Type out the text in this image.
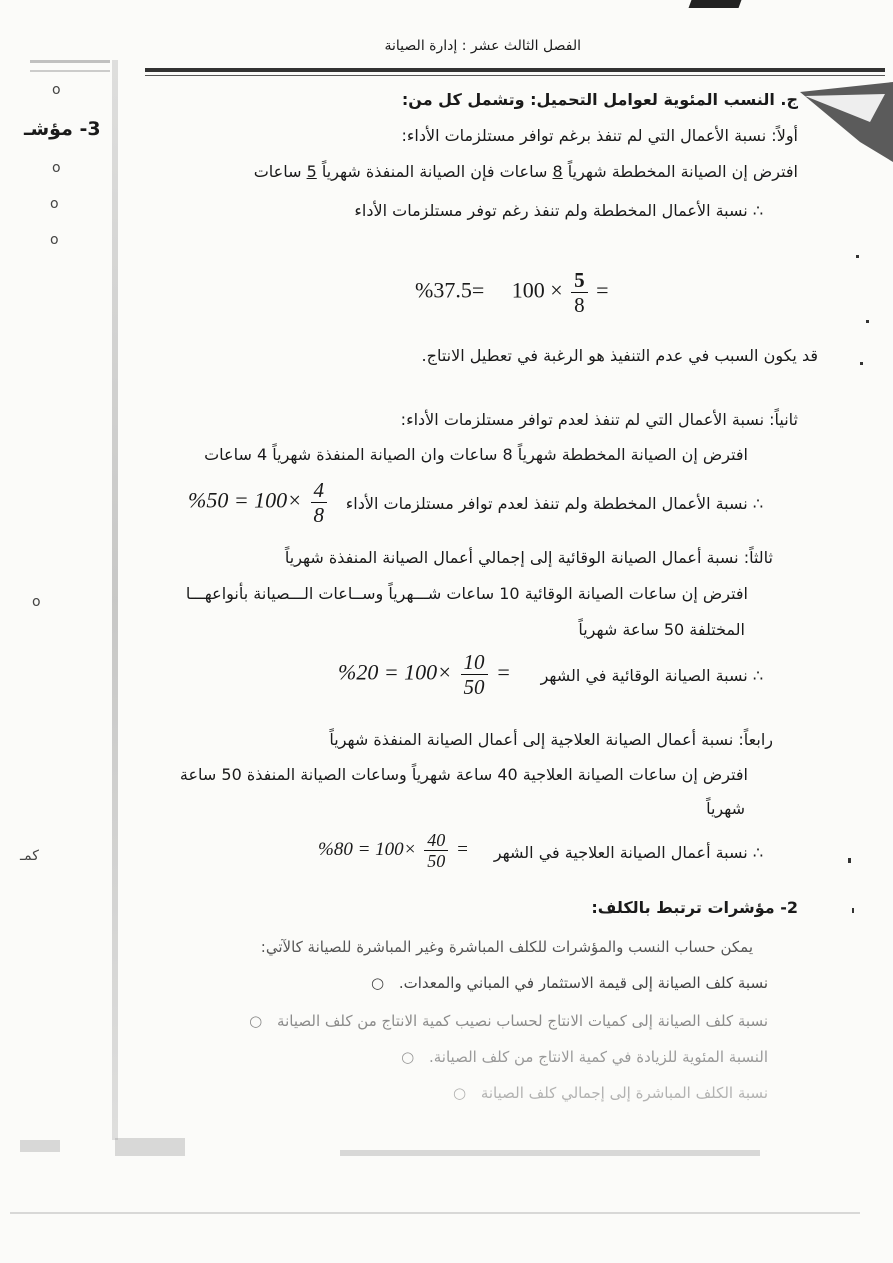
o
3- مؤشـ
o
o
o
o
كمـ
الفصل الثالث عشر : إدارة الصيانة
ج. النسب المئوية لعوامل التحميل: وتشمل كل من:
أولاً: نسبة الأعمال التي لم تنفذ برغم توافر مستلزمات الأداء:
افترض إن الصيانة المخططة شهرياً 8 ساعات فإن الصيانة المنفذة شهرياً 5 ساعات
∴ نسبة الأعمال المخططة ولم تنفذ رغم توفر مستلزمات الأداء
$\%37.5= 100 \times \frac{5}{8}$ =
قد يكون السبب في عدم التنفيذ هو الرغبة في تعطيل الانتاج.
ثانياً: نسبة الأعمال التي لم تنفذ لعدم توافر مستلزمات الأداء:
افترض إن الصيانة المخططة شهرياً 8 ساعات وان الصيانة المنفذة شهرياً 4 ساعات
∴ نسبة الأعمال المخططة ولم تنفذ لعدم توافر مستلزمات الأداء
$\%50 = 100\times \frac{4}{8}$
ثالثاً: نسبة أعمال الصيانة الوقائية إلى إجمالي أعمال الصيانة المنفذة شهرياً
افترض إن ساعات الصيانة الوقائية 10 ساعات شـــهرياً وســاعات الـــصيانة بأنواعهـــا
المختلفة 50 ساعة شهرياً
∴ نسبة الصيانة الوقائية في الشهر
$\%20 = 100\times \frac{10}{50}$ =
رابعاً: نسبة أعمال الصيانة العلاجية إلى أعمال الصيانة المنفذة شهرياً
افترض إن ساعات الصيانة العلاجية 40 ساعة شهرياً وساعات الصيانة المنفذة 50 ساعة
شهرياً
∴ نسبة أعمال الصيانة العلاجية في الشهر
$\%80 = 100\times \frac{40}{50}$ =
2- مؤشرات ترتبط بالكلف:
يمكن حساب النسب والمؤشرات للكلف المباشرة وغير المباشرة للصيانة كالآتي:
نسبة كلف الصيانة إلى قيمة الاستثمار في المباني والمعدات. ○
نسبة كلف الصيانة إلى كميات الانتاج لحساب نصيب كمية الانتاج من كلف الصيانة ○
النسبة المئوية للزيادة في كمية الانتاج من كلف الصيانة. ○
نسبة الكلف المباشرة إلى إجمالي كلف الصيانة ○
